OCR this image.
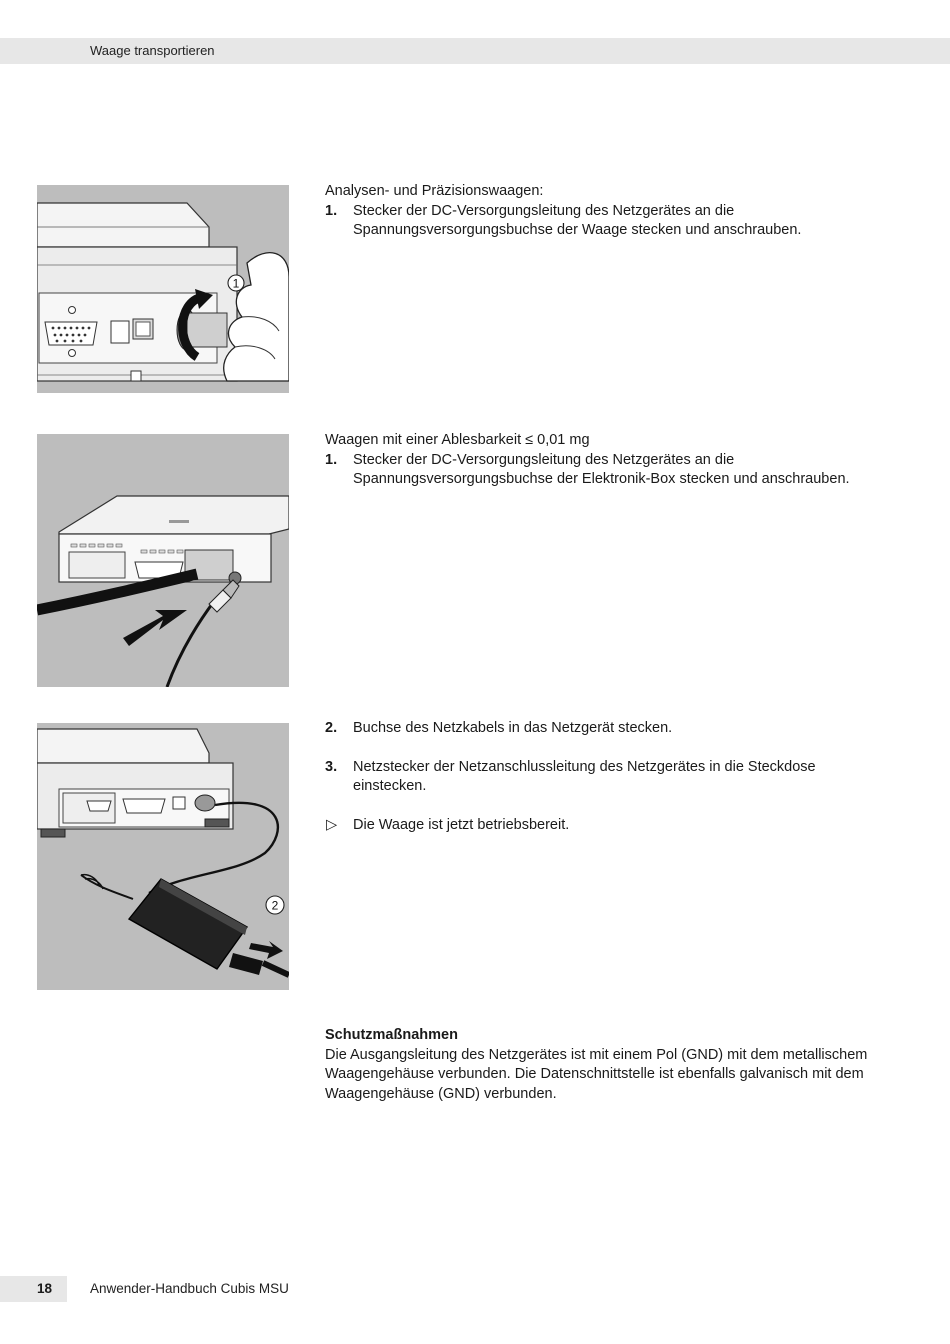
Waage transportieren
1
Analysen- und Präzisionswaagen:
1. Stecker der DC-Versorgungsleitung des Netzgerätes an die
Spannungsversorgungsbuchse der Waage stecken und anschrauben.
Waagen mit einer Ablesbarkeit ≤ 0,01 mg
1. Stecker der DC-Versorgungsleitung des Netzgerätes an die
Spannungsversorgungsbuchse der Elektronik-Box stecken und anschrauben.
2
2. Buchse des Netzkabels in das Netzgerät stecken.
3. Netzstecker der Netzanschlussleitung des Netzgerätes in die Steckdose
einstecken.
▷ Die Waage ist jetzt betriebsbereit.
Schutzmaßnahmen
Die Ausgangsleitung des Netzgerätes ist mit einem Pol (GND) mit dem metallischem
Waagengehäuse verbunden. Die Datenschnittstelle ist ebenfalls galvanisch mit dem
Waagengehäuse (GND) verbunden.
18	Anwender-Handbuch Cubis MSU
